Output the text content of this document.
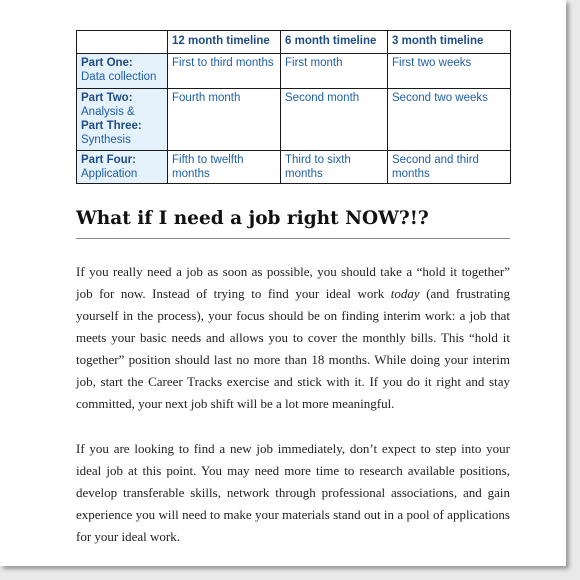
	12 month timeline	6 month timeline	3 month timeline

Part One:
Data collection	First to third months	First month	First two weeks

Part Two:
Analysis &
Part Three:
Synthesis	Fourth month	Second month	Second two weeks

Part Four:
Application	Fifth to twelfth months	Third to sixth months	Second and third months
What if I need a job right NOW?!?

If you really need a job as soon as possible, you should take a “hold it together” job for now. Instead of trying to find your ideal work today (and frustrating yourself in the process), your focus should be on finding interim work: a job that meets your basic needs and allows you to cover the monthly bills. This “hold it together” position should last no more than 18 months. While doing your interim job, start the Career Tracks exercise and stick with it. If you do it right and stay committed, your next job shift will be a lot more meaningful.

If you are looking to find a new job immediately, don’t expect to step into your ideal job at this point. You may need more time to research available positions, develop transferable skills, network through professional associations, and gain experience you will need to make your materials stand out in a pool of applications for your ideal work.
